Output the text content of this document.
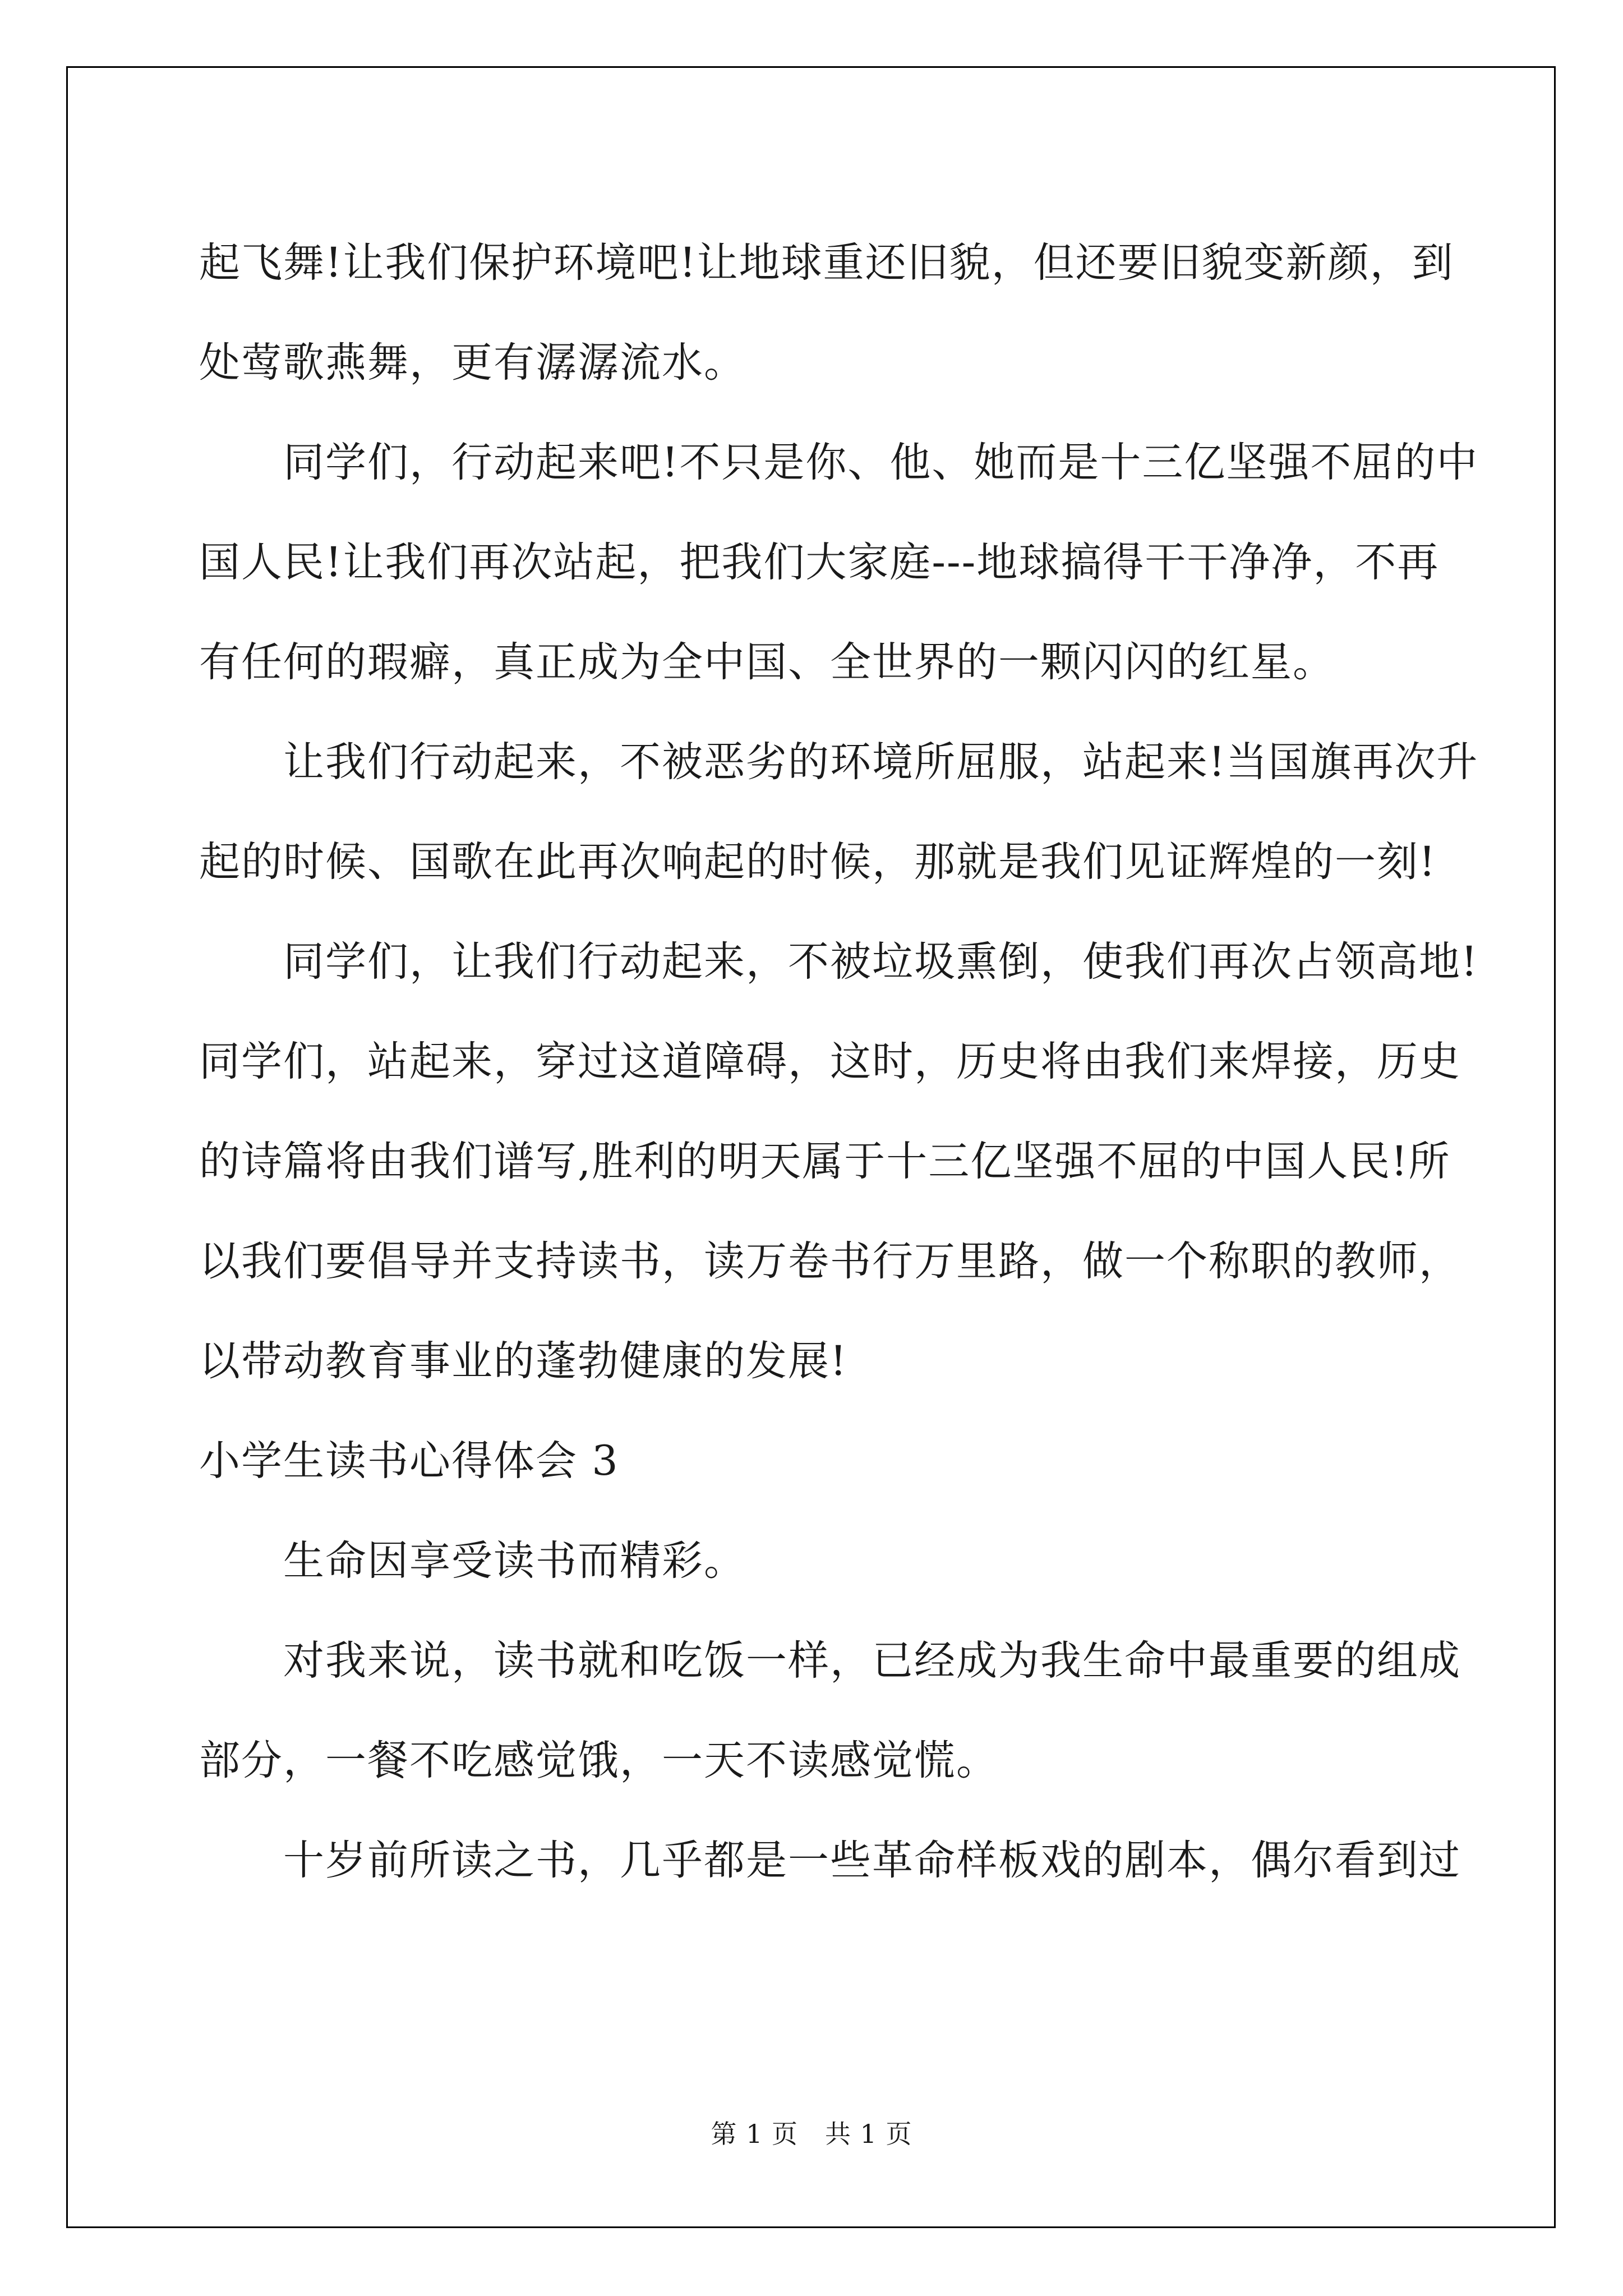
起飞舞!让我们保护环境吧!让地球重还旧貌，但还要旧貌变新颜，到
处莺歌燕舞，更有潺潺流水。
同学们，行动起来吧!不只是你、他、她而是十三亿坚强不屈的中
国人民!让我们再次站起，把我们大家庭---地球搞得干干净净，不再
有任何的瑕癖，真正成为全中国、全世界的一颗闪闪的红星。
让我们行动起来，不被恶劣的环境所屈服，站起来!当国旗再次升
起的时候、国歌在此再次响起的时候，那就是我们见证辉煌的一刻!
同学们，让我们行动起来，不被垃圾熏倒，使我们再次占领高地!
同学们，站起来，穿过这道障碍，这时，历史将由我们来焊接，历史
的诗篇将由我们谱写,胜利的明天属于十三亿坚强不屈的中国人民!所
以我们要倡导并支持读书，读万卷书行万里路，做一个称职的教师，
以带动教育事业的蓬勃健康的发展!
小学生读书心得体会 3
生命因享受读书而精彩。
对我来说，读书就和吃饭一样，已经成为我生命中最重要的组成
部分，一餐不吃感觉饿，一天不读感觉慌。
十岁前所读之书，几乎都是一些革命样板戏的剧本，偶尔看到过
第 1 页 共 1 页
